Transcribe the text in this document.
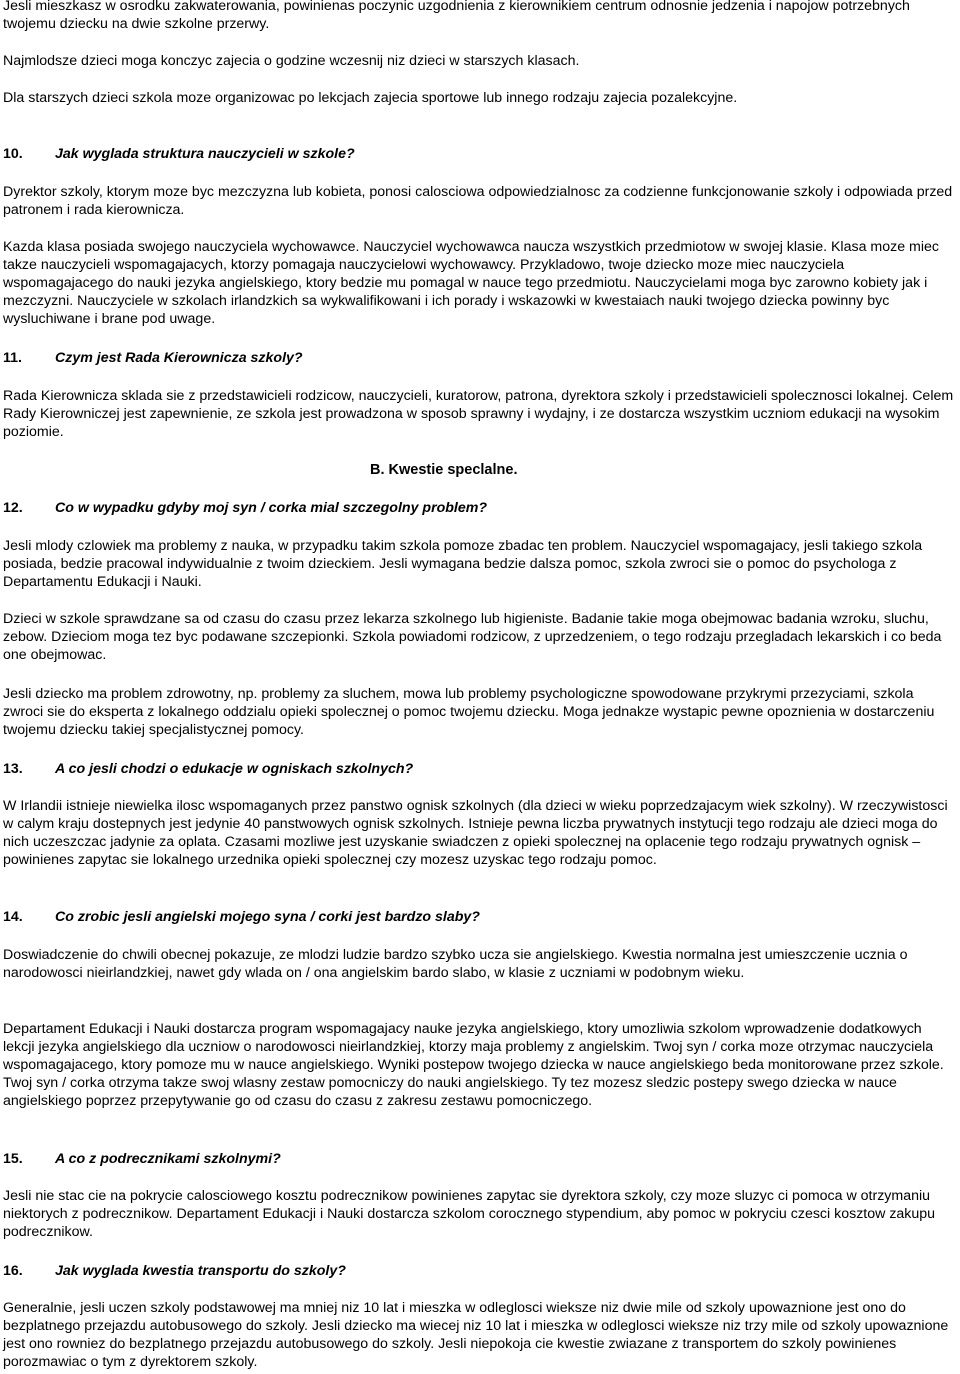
Jesli mieszkasz w osrodku zakwaterowania, powinienas poczynic uzgodnienia z kierownikiem centrum odnosnie jedzenia i napojow potrzebnych twojemu dziecku na dwie szkolne przerwy.

Najmlodsze dzieci moga konczyc zajecia o godzine wczesnij niz dzieci w starszych klasach.

Dla starszych dzieci szkola moze organizowac po lekcjach zajecia sportowe lub innego rodzaju zajecia pozalekcyjne.

10. Jak wyglada struktura nauczycieli w szkole?

Dyrektor szkoly, ktorym moze byc mezczyzna lub kobieta, ponosi calosciowa odpowiedzialnosc za codzienne funkcjonowanie szkoly i odpowiada przed patronem i rada kierownicza.

Kazda klasa posiada swojego nauczyciela wychowawce. Nauczyciel wychowawca naucza wszystkich przedmiotow w swojej klasie. Klasa moze miec takze nauczycieli wspomagajacych, ktorzy pomagaja nauczycielowi wychowawcy. Przykladowo, twoje dziecko moze miec nauczyciela wspomagajacego do nauki jezyka angielskiego, ktory bedzie mu pomagal w nauce tego przedmiotu. Nauczycielami moga byc zarowno kobiety jak i mezczyzni. Nauczyciele w szkolach irlandzkich sa wykwalifikowani i ich porady i wskazowki w kwestaiach nauki twojego dziecka powinny byc wysluchiwane i brane pod uwage.

11. Czym jest Rada Kierownicza szkoly?

Rada Kierownicza sklada sie z przedstawicieli rodzicow, nauczycieli, kuratorow, patrona, dyrektora szkoly i przedstawicieli spolecznosci lokalnej. Celem Rady Kierowniczej jest zapewnienie, ze szkola jest prowadzona w sposob sprawny i wydajny, i ze dostarcza wszystkim uczniom edukacji na wysokim poziomie.

B. Kwestie speclalne.
12. Co w wypadku gdyby moj syn / corka mial szczegolny problem?

Jesli mlody czlowiek ma problemy z nauka, w przypadku takim szkola pomoze zbadac ten problem. Nauczyciel wspomagajacy, jesli takiego szkola posiada, bedzie pracowal indywidualnie z twoim dzieckiem. Jesli wymagana bedzie dalsza pomoc, szkola zwroci sie o pomoc do psychologa z Departamentu Edukacji i Nauki.

Dzieci w szkole sprawdzane sa od czasu do czasu przez lekarza szkolnego lub higieniste. Badanie takie moga obejmowac badania wzroku, sluchu, zebow. Dzieciom moga tez byc podawane szczepionki. Szkola powiadomi rodzicow, z uprzedzeniem, o tego rodzaju przegladach lekarskich i co beda one obejmowac.

Jesli dziecko ma problem zdrowotny, np. problemy za sluchem, mowa lub problemy psychologiczne spowodowane przykrymi przezyciami, szkola zwroci sie do eksperta z lokalnego oddzialu opieki spolecznej o pomoc twojemu dziecku. Moga jednakze wystapic pewne opoznienia w dostarczeniu twojemu dziecku takiej specjalistycznej pomocy.

13. A co jesli chodzi o edukacje w ogniskach szkolnych?

W Irlandii istnieje niewielka ilosc wspomaganych przez panstwo ognisk szkolnych (dla dzieci w wieku poprzedzajacym wiek szkolny). W rzeczywistosci w calym kraju dostepnych jest jedynie 40 panstwowych ognisk szkolnych. Istnieje pewna liczba prywatnych instytucji tego rodzaju ale dzieci moga do nich uczeszczac jadynie za oplata. Czasami mozliwe jest uzyskanie swiadczen z opieki spolecznej na oplacenie tego rodzaju prywatnych ognisk – powinienes zapytac sie lokalnego urzednika opieki spolecznej czy mozesz uzyskac tego rodzaju pomoc.

14. Co zrobic jesli angielski mojego syna / corki jest bardzo slaby?

Doswiadczenie do chwili obecnej pokazuje, ze mlodzi ludzie bardzo szybko ucza sie angielskiego. Kwestia normalna jest umieszczenie ucznia o narodowosci nieirlandzkiej, nawet gdy wlada on / ona angielskim bardo slabo, w klasie z uczniami w podobnym wieku.

Departament Edukacji i Nauki dostarcza program wspomagajacy nauke jezyka angielskiego, ktory umozliwia szkolom wprowadzenie dodatkowych lekcji jezyka angielskiego dla uczniow o narodowosci nieirlandzkiej, ktorzy maja problemy z angielskim. Twoj syn / corka moze otrzymac nauczyciela wspomagajacego, ktory pomoze mu w nauce angielskiego. Wyniki postepow twojego dziecka w nauce angielskiego beda monitorowane przez szkole. Twoj syn / corka otrzyma takze swoj wlasny zestaw pomocniczy do nauki angielskiego. Ty tez mozesz sledzic postepy swego dziecka w nauce angielskiego poprzez przepytywanie go od czasu do czasu z zakresu zestawu pomocniczego.

15. A co z podrecznikami szkolnymi?

Jesli nie stac cie na pokrycie calosciowego kosztu podrecznikow powinienes zapytac sie dyrektora szkoly, czy moze sluzyc ci pomoca w otrzymaniu niektorych z podrecznikow. Departament Edukacji i Nauki dostarcza szkolom corocznego stypendium, aby pomoc w pokryciu czesci kosztow zakupu podrecznikow.

16. Jak wyglada kwestia transportu do szkoly?

Generalnie, jesli uczen szkoly podstawowej ma mniej niz 10 lat i mieszka w odleglosci wieksze niz dwie mile od szkoly upowaznione jest ono do bezplatnego przejazdu autobusowego do szkoly. Jesli dziecko ma wiecej niz 10 lat i mieszka w odleglosci wieksze niz trzy mile od szkoly upowaznione jest ono rowniez do bezplatnego przejazdu autobusowego do szkoly. Jesli niepokoja cie kwestie zwiazane z transportem do szkoly powinienes porozmawiac o tym z dyrektorem szkoly.
